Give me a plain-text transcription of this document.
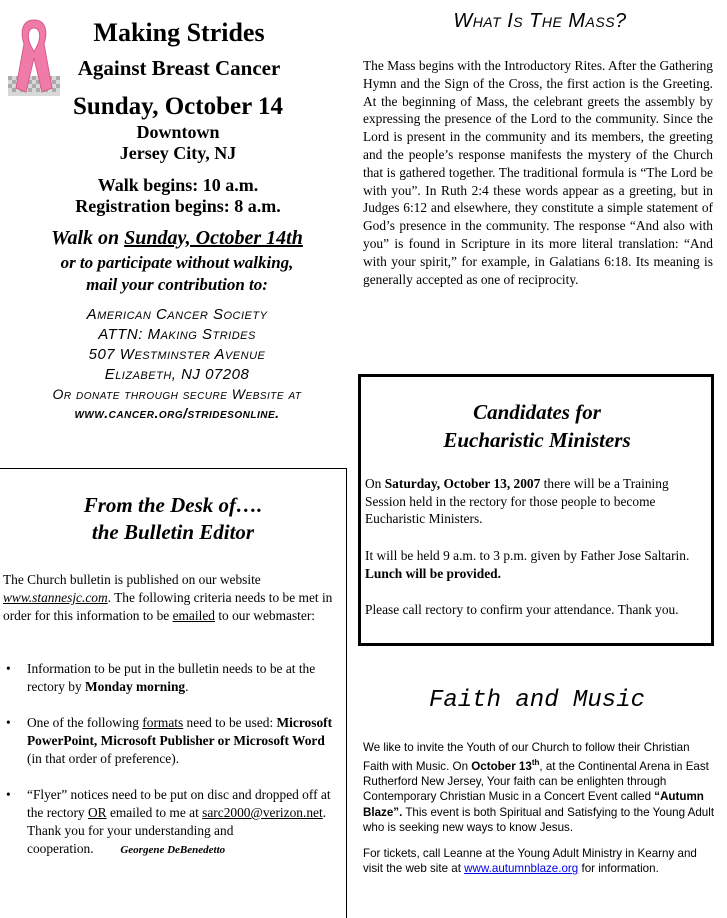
Making Strides
Against Breast Cancer
Sunday, October 14
Downtown
Jersey City, NJ
Walk begins: 10 a.m.
Registration begins: 8 a.m.
Walk on Sunday, October 14th
or to participate without walking,
mail your contribution to:
American Cancer Society
ATTN: Making Strides
507 Westminster Avenue
Elizabeth, NJ 07208
Or donate through secure Website at
www.cancer.org/stridesonline.
What Is The Mass?
The Mass begins with the Introductory Rites. After the Gathering Hymn and the Sign of the Cross, the first action is the Greeting. At the beginning of Mass, the celebrant greets the assembly by expressing the presence of the Lord to the community. Since the Lord is present in the community and its members, the greeting and the people’s response manifests the mystery of the Church that is gathered together. The traditional formula is “The Lord be with you”. In Ruth 2:4 these words appear as a greeting, but in Judges 6:12 and elsewhere, they constitute a simple statement of God’s presence in the community. The response “And also with you” is found in Scripture in its more literal translation: “And with your spirit,” for example, in Galatians 6:18. Its meaning is generally accepted as one of reciprocity.
Candidates for
Eucharistic Ministers
On Saturday, October 13, 2007 there will be a Training Session held in the rectory for those people to become Eucharistic Ministers.
It will be held 9 a.m. to 3 p.m. given by Father Jose Saltarin. Lunch will be provided.
Please call rectory to confirm your attendance. Thank you.
From the Desk of….
the Bulletin Editor
The Church bulletin is published on our website www.stannesjc.com. The following criteria needs to be met in order for this information to be emailed to our webmaster:
• Information to be put in the bulletin needs to be at the rectory by Monday morning.
• One of the following formats need to be used: Microsoft PowerPoint, Microsoft Publisher or Microsoft Word (in that order of preference).
• “Flyer” notices need to be put on disc and dropped off at the rectory OR emailed to me at sarc2000@verizon.net.
Thank you for your understanding and cooperation. Georgene DeBenedetto
Faith and Music
We like to invite the Youth of our Church to follow their Christian Faith with Music. On October 13th, at the Continental Arena in East Rutherford New Jersey, Your faith can be enlighten through Contemporary Christian Music in a Concert Event called “Autumn Blaze”. This event is both Spiritual and Satisfying to the Young Adult who is seeking new ways to know Jesus.
For tickets, call Leanne at the Young Adult Ministry in Kearny and visit the web site at www.autumnblaze.org for information.
